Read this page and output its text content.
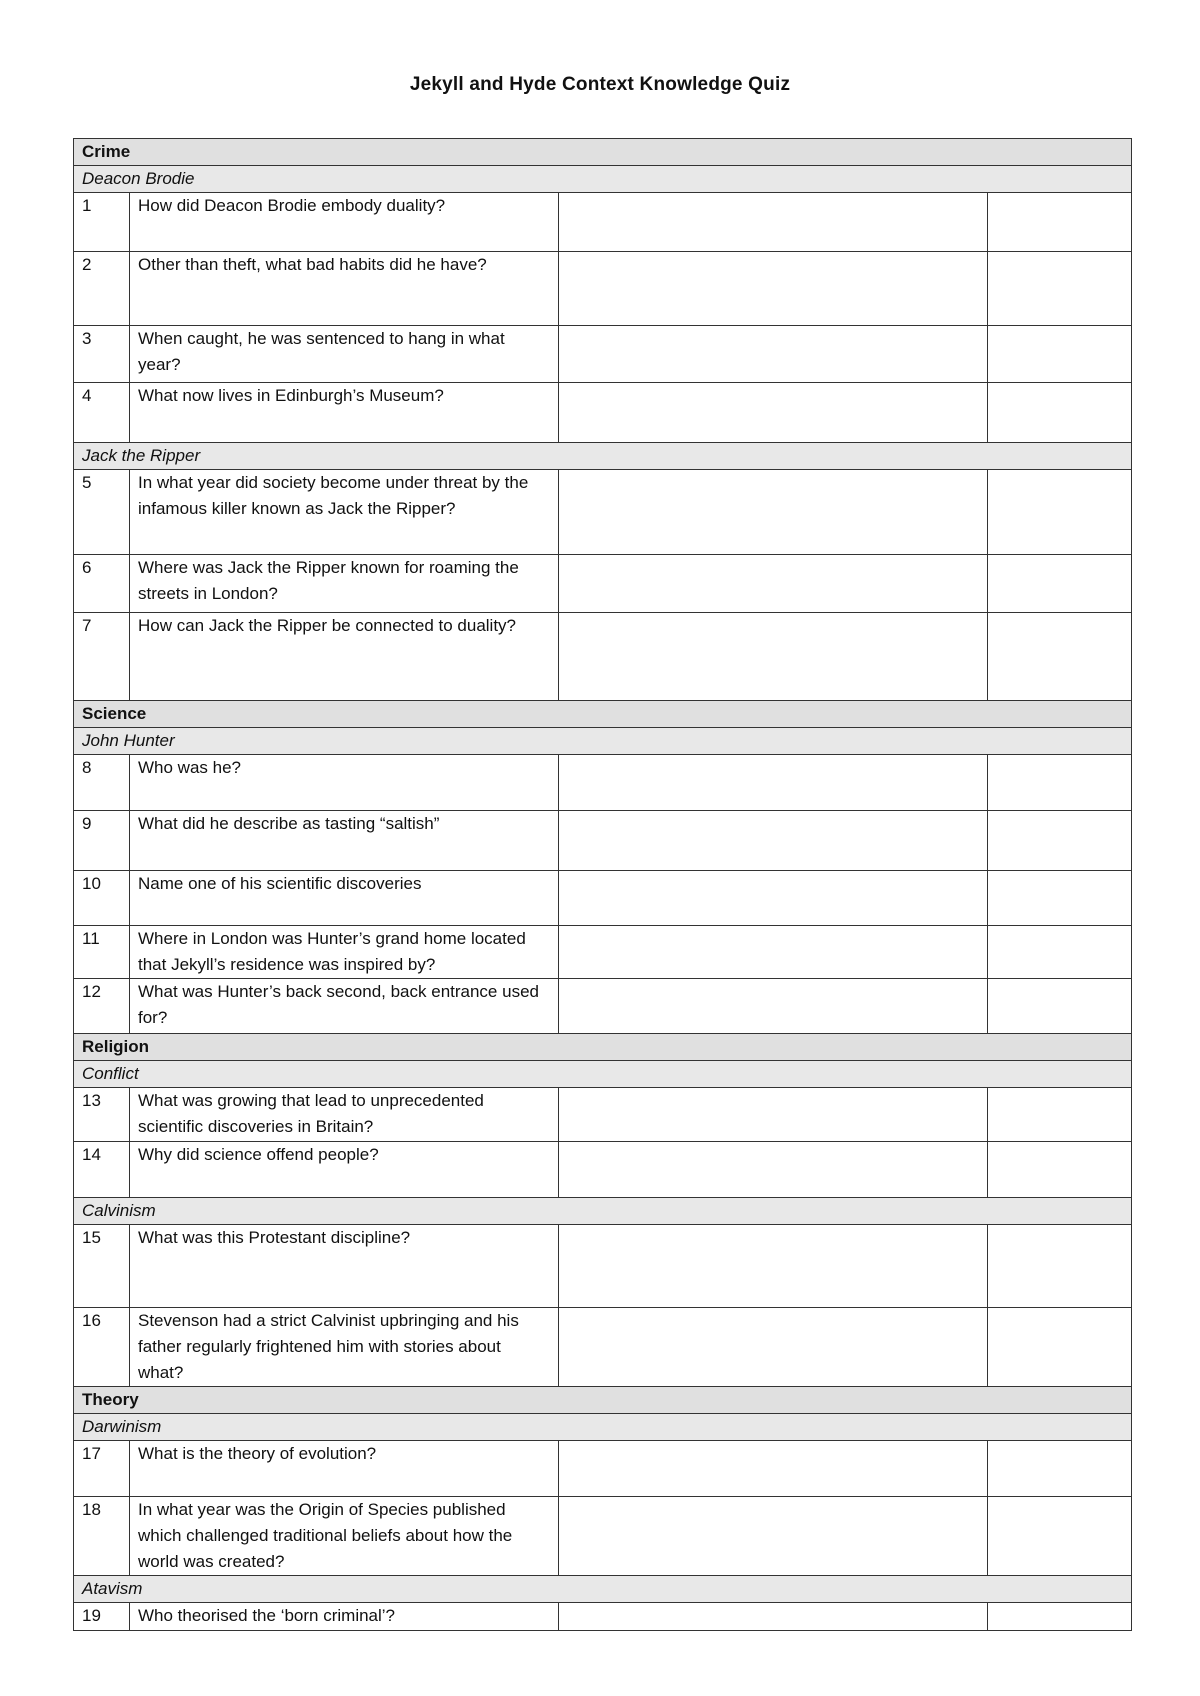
Jekyll and Hyde Context Knowledge Quiz
Crime			
Deacon Brodie			
1	How did Deacon Brodie embody duality?		
2	Other than theft, what bad habits did he have?		
3	When caught, he was sentenced to hang in what year?		
4	What now lives in Edinburgh’s Museum?		
Jack the Ripper			
5	In what year did society become under threat by the infamous killer known as Jack the Ripper?		
6	Where was Jack the Ripper known for roaming the streets in London?		
7	How can Jack the Ripper be connected to duality?		
Science			
John Hunter			
8	Who was he?		
9	What did he describe as tasting “saltish”		
10	Name one of his scientific discoveries		
11	Where in London was Hunter’s grand home located that Jekyll’s residence was inspired by?		
12	What was Hunter’s back second, back entrance used for?		
Religion			
Conflict			
13	What was growing that lead to unprecedented scientific discoveries in Britain?		
14	Why did science offend people?		
Calvinism			
15	What was this Protestant discipline?		
16	Stevenson had a strict Calvinist upbringing and his father regularly frightened him with stories about what?		
Theory			
Darwinism			
17	What is the theory of evolution?		
18	In what year was the Origin of Species published which challenged traditional beliefs about how the world was created?		
Atavism			
19	Who theorised the ‘born criminal’?		
